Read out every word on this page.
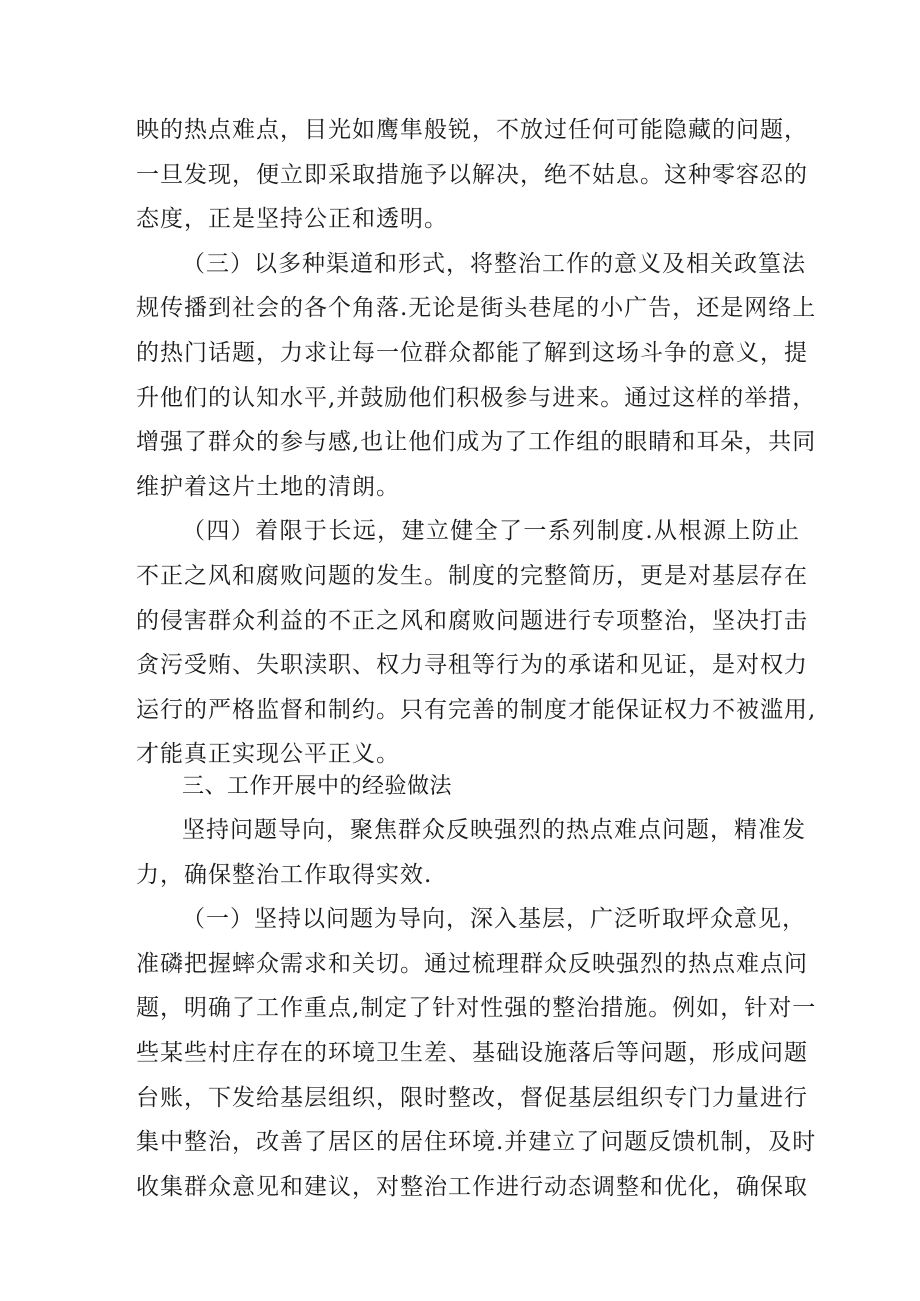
映的热点难点，目光如鹰隼般锐，不放过任何可能隐藏的问题，
一旦发现，便立即采取措施予以解决，绝不姑息。这种零容忍的
态度，正是坚持公正和透明。
（三）以多种渠道和形式，将整治工作的意义及相关政篁法
规传播到社会的各个角落.无论是街头巷尾的小广告，还是网络上
的热门话题，力求让每一位群众都能了解到这场斗争的意义，提
升他们的认知水平,并鼓励他们积极参与进来。通过这样的举措，
增强了群众的参与感,也让他们成为了工作组的眼睛和耳朵，共同
维护着这片土地的清朗。
（四）着限于长远，建立健全了一系列制度.从根源上防止
不正之风和腐败问题的发生。制度的完整简历，更是对基层存在
的侵害群众利益的不正之风和腐败问题进行专项整治，坚决打击
贪污受贿、失职渎职、权力寻租等行为的承诺和见证，是对权力
运行的严格监督和制约。只有完善的制度才能保证权力不被滥用,
才能真正实现公平正义。
三、工作开展中的经验做法
坚持问题导向，聚焦群众反映强烈的热点难点问题，精准发
力，确保整治工作取得实效.
（一）坚持以问题为导向，深入基层，广泛听取坪众意见，
准磷把握蟀众需求和关切。通过梳理群众反映强烈的热点难点问
题，明确了工作重点,制定了针对性强的整治措施。例如，针对一
些某些村庄存在的环境卫生差、基础设施落后等问题，形成问题
台账，下发给基层组织，限时整改，督促基层组织专门力量进行
集中整治，改善了居区的居住环境.并建立了问题反馈机制，及时
收集群众意见和建议，对整治工作进行动态调整和优化，确保取
